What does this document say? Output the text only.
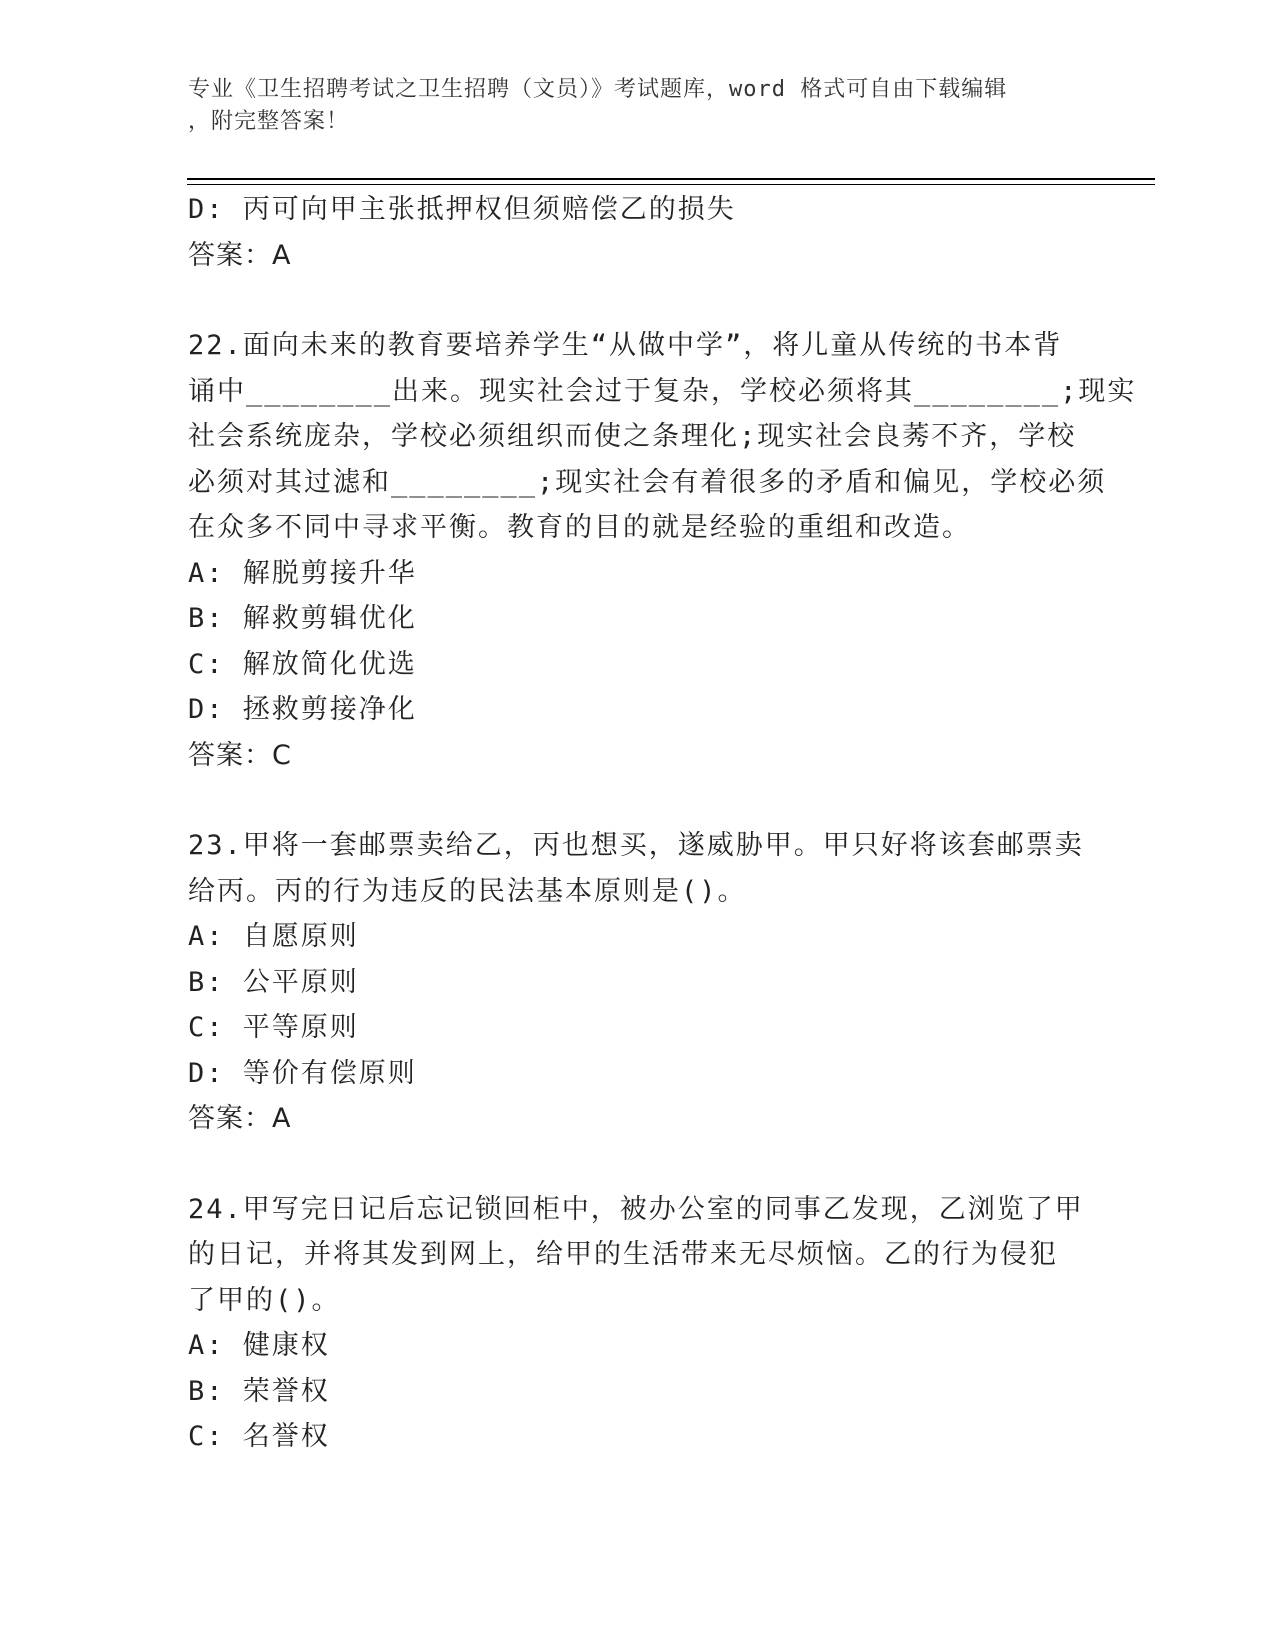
专业《卫生招聘考试之卫生招聘（文员）》考试题库，word 格式可自由下载编辑
，附完整答案！
D: 丙可向甲主张抵押权但须赔偿乙的损失
答案：A
22.面向未来的教育要培养学生“从做中学”，将儿童从传统的书本背
诵中________出来。现实社会过于复杂，学校必须将其________;现实
社会系统庞杂，学校必须组织而使之条理化;现实社会良莠不齐，学校
必须对其过滤和________;现实社会有着很多的矛盾和偏见，学校必须
在众多不同中寻求平衡。教育的目的就是经验的重组和改造。
A: 解脱剪接升华
B: 解救剪辑优化
C: 解放简化优选
D: 拯救剪接净化
答案：C
23.甲将一套邮票卖给乙，丙也想买，遂威胁甲。甲只好将该套邮票卖
给丙。丙的行为违反的民法基本原则是()。
A: 自愿原则
B: 公平原则
C: 平等原则
D: 等价有偿原则
答案：A
24.甲写完日记后忘记锁回柜中，被办公室的同事乙发现，乙浏览了甲
的日记，并将其发到网上，给甲的生活带来无尽烦恼。乙的行为侵犯
了甲的()。
A: 健康权
B: 荣誉权
C: 名誉权
